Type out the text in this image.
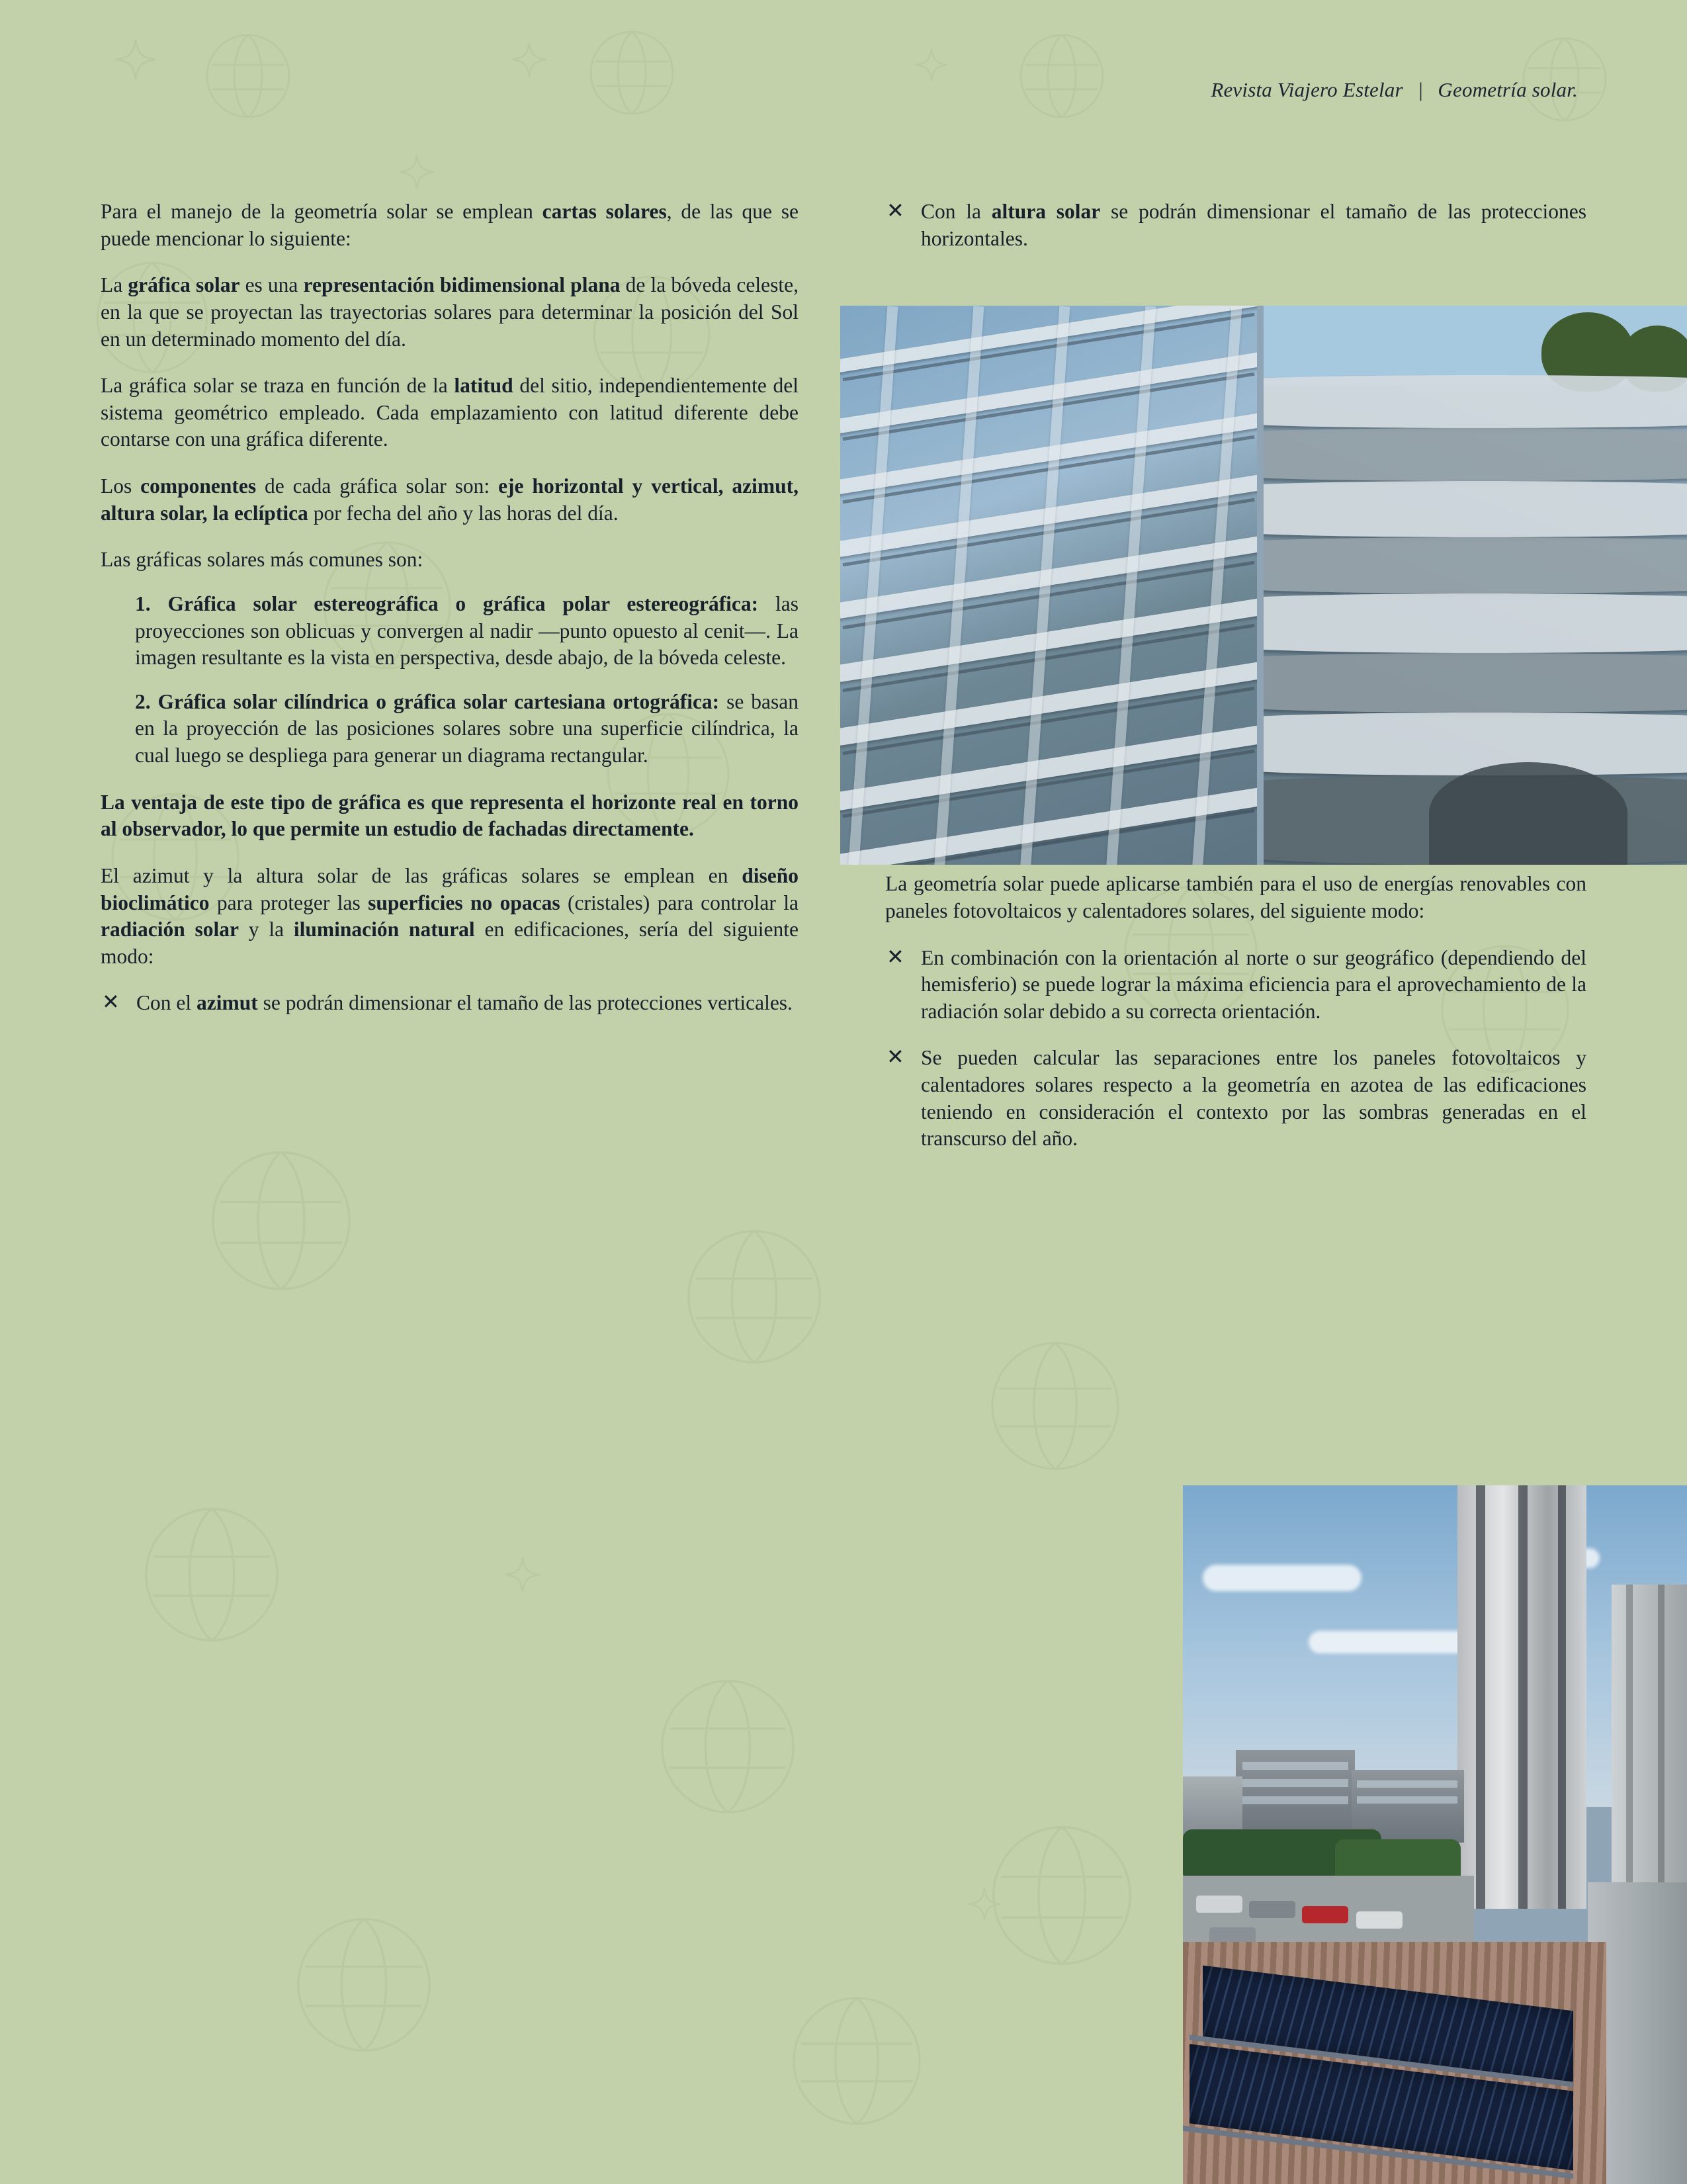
Revista Viajero Estelar | Geometría solar.

Para el manejo de la geometría solar se emplean cartas solares, de las que se puede mencionar lo siguiente:

La gráfica solar es una representación bidimensional plana de la bóveda celeste, en la que se proyectan las trayectorias solares para determinar la posición del Sol en un determinado momento del día.

La gráfica solar se traza en función de la latitud del sitio, independientemente del sistema geométrico empleado. Cada emplazamiento con latitud diferente debe contarse con una gráfica diferente.

Los componentes de cada gráfica solar son: eje horizontal y vertical, azimut, altura solar, la eclíptica por fecha del año y las horas del día.

Las gráficas solares más comunes son:

1. Gráfica solar estereográfica o gráfica polar estereográfica: las proyecciones son oblicuas y convergen al nadir —punto opuesto al cenit—. La imagen resultante es la vista en perspectiva, desde abajo, de la bóveda celeste.

2. Gráfica solar cilíndrica o gráfica solar cartesiana ortográfica: se basan en la proyección de las posiciones solares sobre una superficie cilíndrica, la cual luego se despliega para generar un diagrama rectangular.

La ventaja de este tipo de gráfica es que representa el horizonte real en torno al observador, lo que permite un estudio de fachadas directamente.

El azimut y la altura solar de las gráficas solares se emplean en diseño bioclimático para proteger las superficies no opacas (cristales) para controlar la radiación solar y la iluminación natural en edificaciones, sería del siguiente modo:

✕ Con el azimut se podrán dimensionar el tamaño de las protecciones verticales.
✕ Con la altura solar se podrán dimensionar el tamaño de las protecciones horizontales.

La geometría solar puede aplicarse también para el uso de energías renovables con paneles fotovoltaicos y calentadores solares, del siguiente modo:

✕ En combinación con la orientación al norte o sur geográfico (dependiendo del hemisferio) se puede lograr la máxima eficiencia para el aprovechamiento de la radiación solar debido a su correcta orientación.
✕ Se pueden calcular las separaciones entre los paneles fotovoltaicos y calentadores solares respecto a la geometría en azotea de las edificaciones teniendo en consideración el contexto por las sombras generadas en el transcurso del año.
